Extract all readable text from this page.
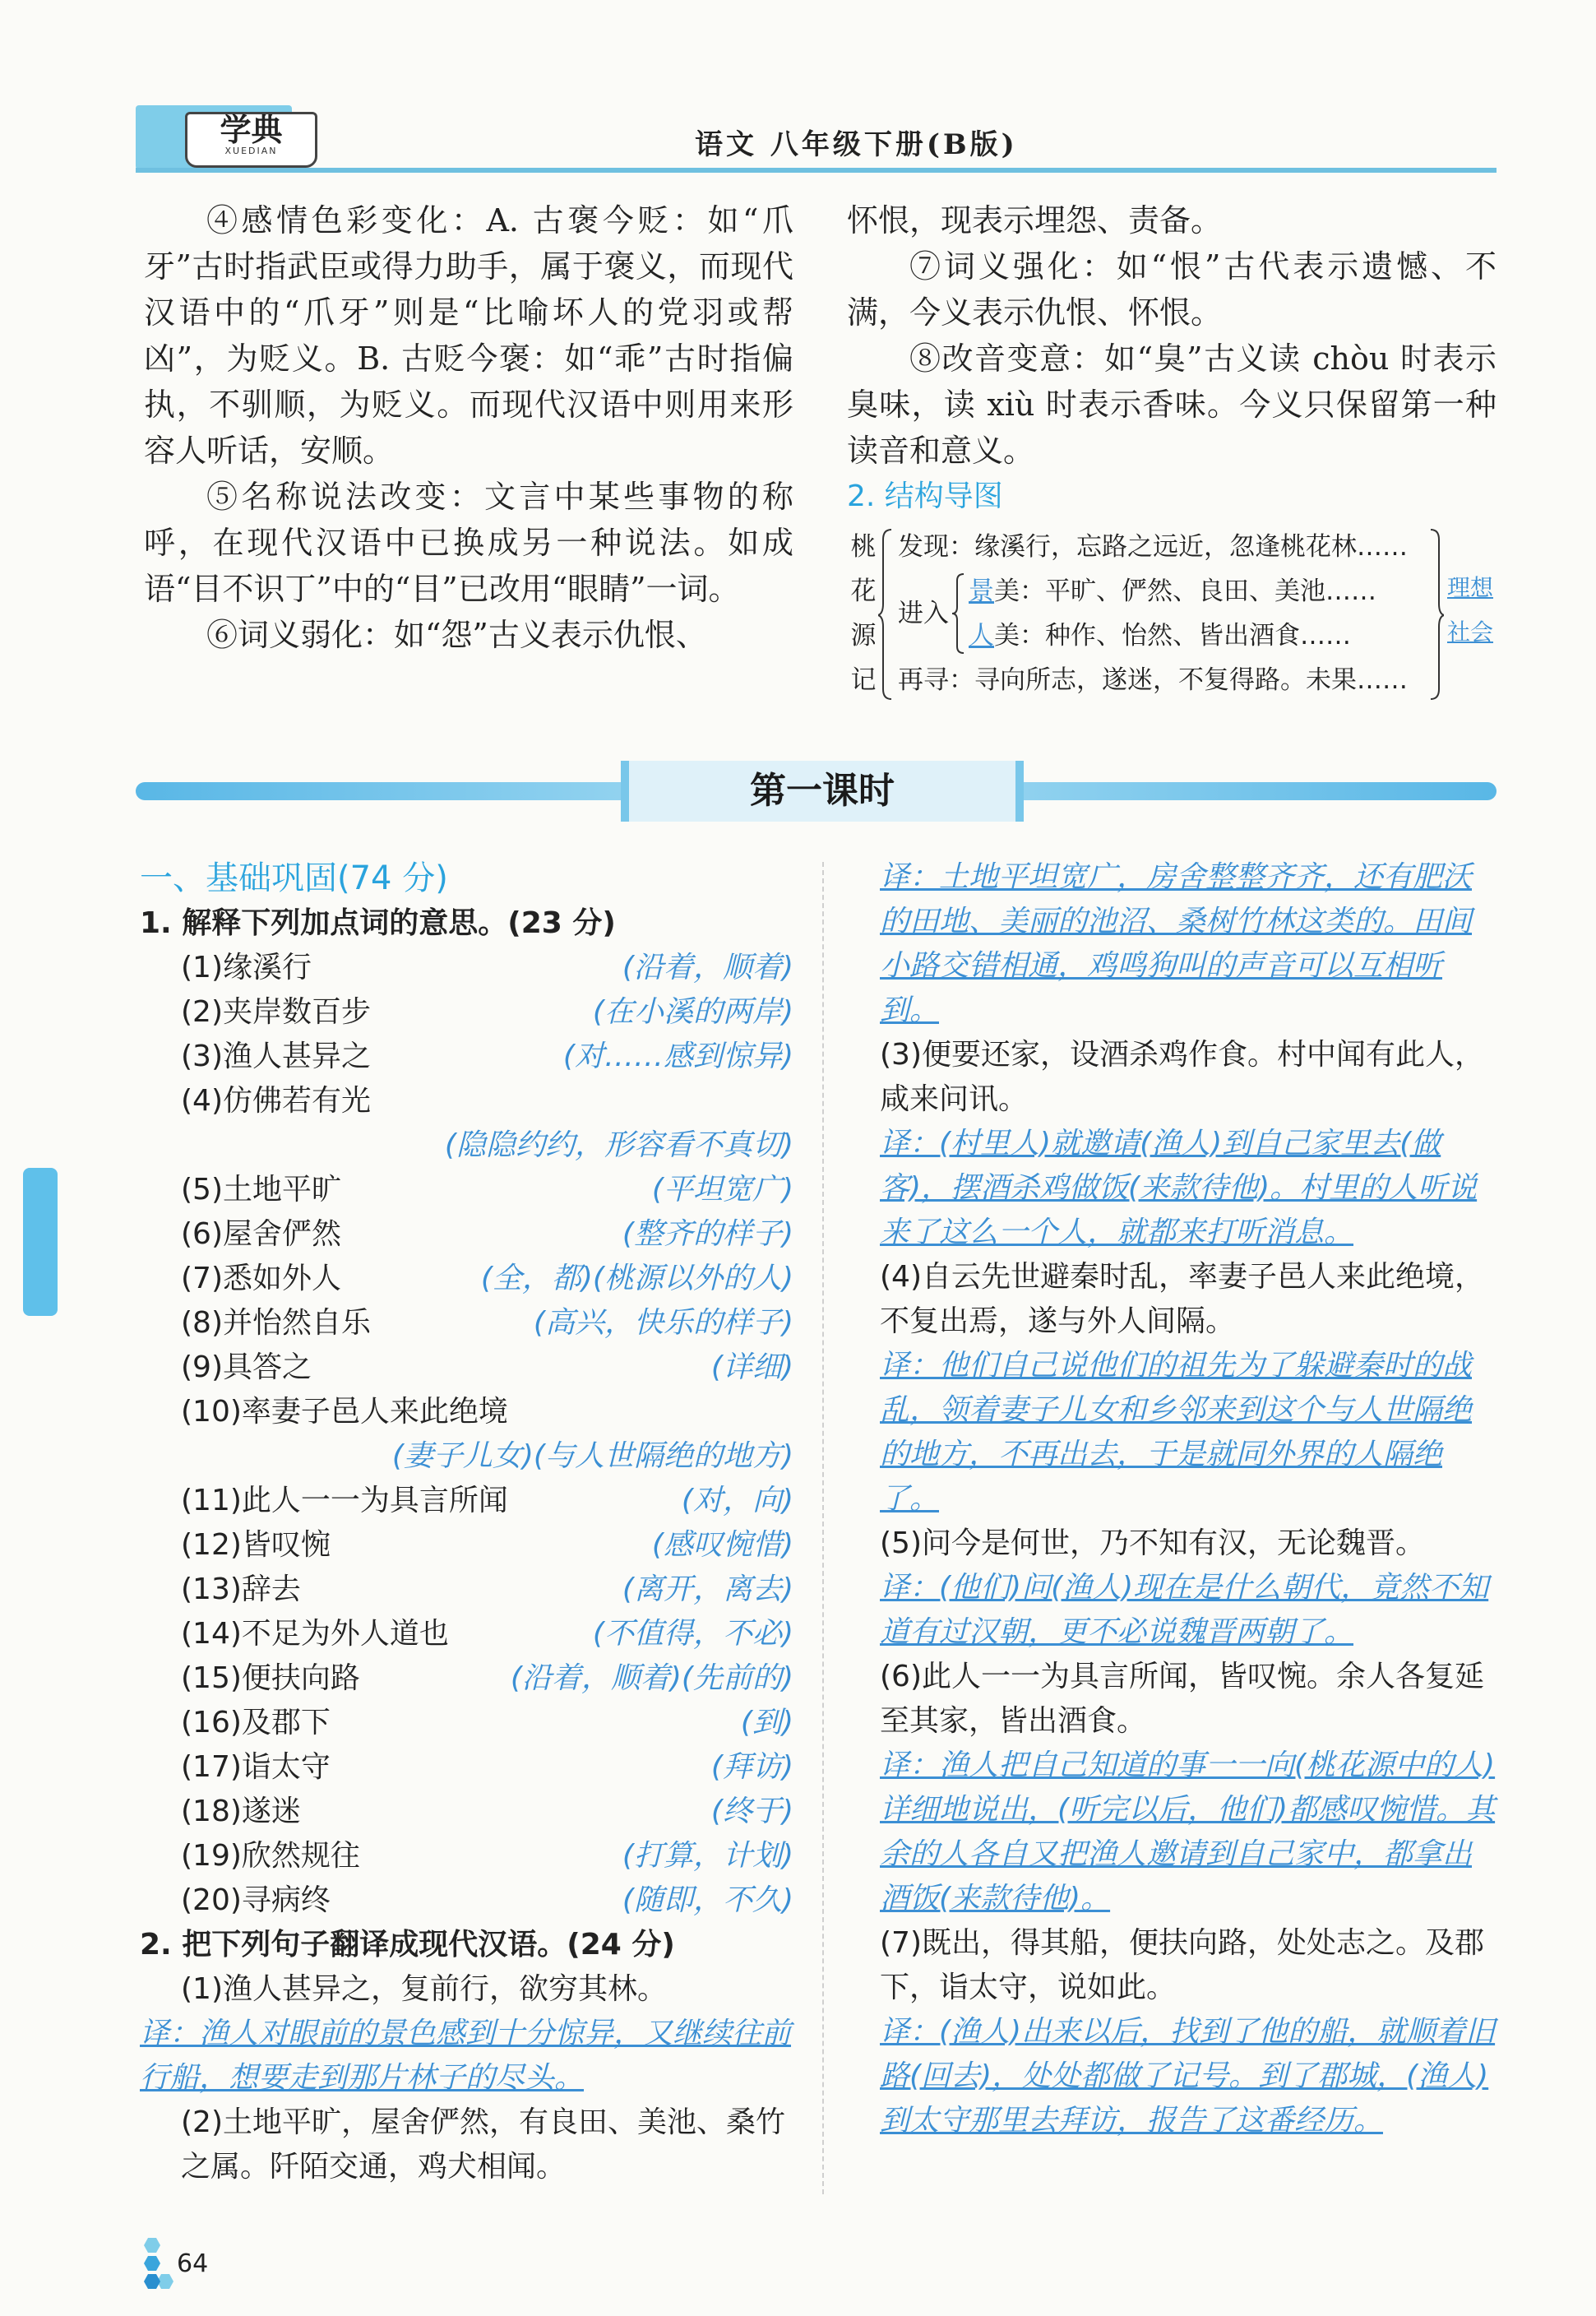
学典
XUEDIAN	语文 八年级下册(B版)

④感情色彩变化：A. 古褒今贬：如“爪牙”古时指武臣或得力助手，属于褒义，而现代汉语中的“爪牙”则是“比喻坏人的党羽或帮凶”，为贬义。B. 古贬今褒：如“乖”古时指偏执，不驯顺，为贬义。而现代汉语中则用来形容人听话，安顺。

⑤名称说法改变：文言中某些事物的称呼，在现代汉语中已换成另一种说法。如成语“目不识丁”中的“目”已改用“眼睛”一词。

⑥词义弱化：如“怨”古义表示仇恨、

怀恨，现表示埋怨、责备。

⑦词义强化：如“恨”古代表示遗憾、不满，今义表示仇恨、怀恨。

⑧改音变意：如“臭”古义读 chòu 时表示臭味，读 xiù 时表示香味。今义只保留第一种读音和意义。

2. 结构导图

桃
花
源
记
发现：缘溪行，忘路之远近，忽逢桃花林……
进入
景美：平旷、俨然、良田、美池……
人美：种作、怡然、皆出酒食……
再寻：寻向所志，遂迷，不复得路。未果……
理想
社会
第一课时
一、基础巩固(74 分)
1. 解释下列加点词的意思。(23 分)
(1)缘溪行	(沿着，顺着)
(2)夹岸数百步	(在小溪的两岸)
(3)渔人甚异之	(对……感到惊异)
(4)仿佛若有光
(隐隐约约，形容看不真切)
(5)土地平旷	(平坦宽广)
(6)屋舍俨然	(整齐的样子)
(7)悉如外人	(全，都)(桃源以外的人)
(8)并怡然自乐	(高兴，快乐的样子)
(9)具答之	(详细)
(10)率妻子邑人来此绝境
(妻子儿女)(与人世隔绝的地方)
(11)此人一一为具言所闻	(对，向)
(12)皆叹惋	(感叹惋惜)
(13)辞去	(离开，离去)
(14)不足为外人道也	(不值得，不必)
(15)便扶向路	(沿着，顺着)(先前的)
(16)及郡下	(到)
(17)诣太守	(拜访)
(18)遂迷	(终于)
(19)欣然规往	(打算，计划)
(20)寻病终	(随即，不久)
2. 把下列句子翻译成现代汉语。(24 分)

(1)渔人甚异之，复前行，欲穷其林。

译：渔人对眼前的景色感到十分惊异，又继续往前行船，想要走到那片林子的尽头。

(2)土地平旷，屋舍俨然，有良田、美池、桑竹之属。阡陌交通，鸡犬相闻。

译：土地平坦宽广，房舍整整齐齐，还有肥沃的田地、美丽的池沼、桑树竹林这类的。田间小路交错相通，鸡鸣狗叫的声音可以互相听到。

(3)便要还家，设酒杀鸡作食。村中闻有此人，咸来问讯。

译：(村里人)就邀请(渔人)到自己家里去(做客)，摆酒杀鸡做饭(来款待他)。村里的人听说来了这么一个人，就都来打听消息。

(4)自云先世避秦时乱，率妻子邑人来此绝境，不复出焉，遂与外人间隔。

译：他们自己说他们的祖先为了躲避秦时的战乱，领着妻子儿女和乡邻来到这个与人世隔绝的地方，不再出去，于是就同外界的人隔绝了。

(5)问今是何世，乃不知有汉，无论魏晋。

译：(他们)问(渔人)现在是什么朝代，竟然不知道有过汉朝，更不必说魏晋两朝了。

(6)此人一一为具言所闻，皆叹惋。余人各复延至其家，皆出酒食。

译：渔人把自己知道的事一一向(桃花源中的人)详细地说出，(听完以后，他们)都感叹惋惜。其余的人各自又把渔人邀请到自己家中，都拿出酒饭(来款待他)。

(7)既出，得其船，便扶向路，处处志之。及郡下，诣太守，说如此。

译：(渔人)出来以后，找到了他的船，就顺着旧路(回去)，处处都做了记号。到了郡城，(渔人)到太守那里去拜访，报告了这番经历。

64
